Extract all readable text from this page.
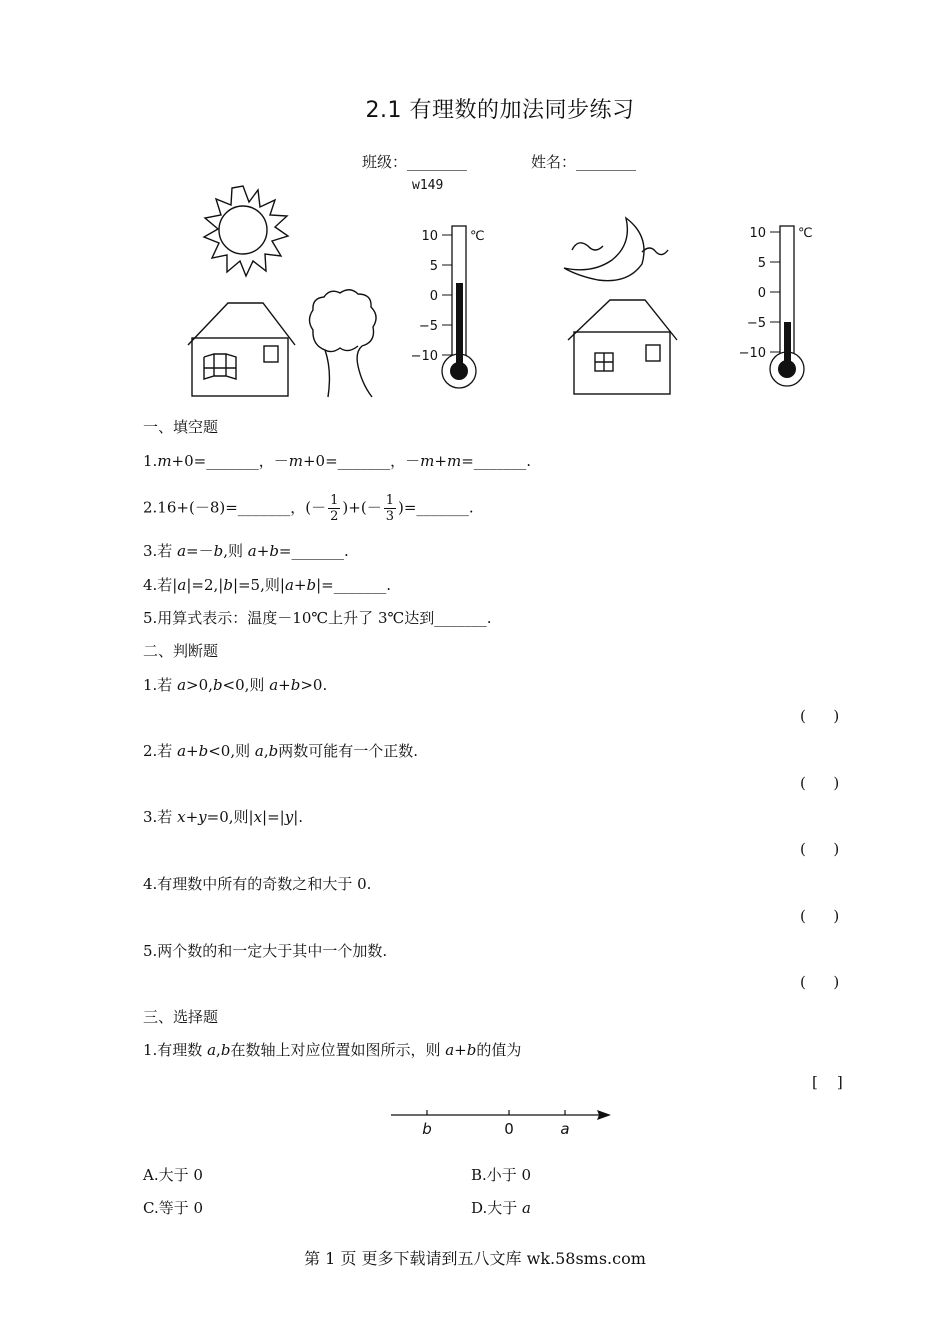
2.1 有理数的加法同步练习
班级：________	姓名：________
w149
10
5
0
−5
−10
℃	10
5
0
−5
−10
℃
一、填空题
1.m+0=_______，－m+0=_______，－m+m=_______.
2.16+(－8)=_______，(－ $\frac{1}{2}$ )+(－ $\frac{1}{3}$ )=_______.
3.若 a=－b,则 a+b=_______.
4.若|a|=2,|b|=5,则|a+b|=_______.
5.用算式表示：温度－10℃上升了 3℃达到_______.
二、判断题
1.若 a>0,b<0,则 a+b>0.
(  )
2.若 a+b<0,则 a,b两数可能有一个正数.
(  )
3.若 x+y=0,则|x|=|y|.
(  )
4.有理数中所有的奇数之和大于 0.
(  )
5.两个数的和一定大于其中一个加数.
(  )
三、选择题
1.有理数 a,b在数轴上对应位置如图所示，则 a+b的值为
[    ]
b	0	a
A.大于 0	B.小于 0
C.等于 0	D.大于 a
第 1 页 更多下载请到五八文库 wk.58sms.com
